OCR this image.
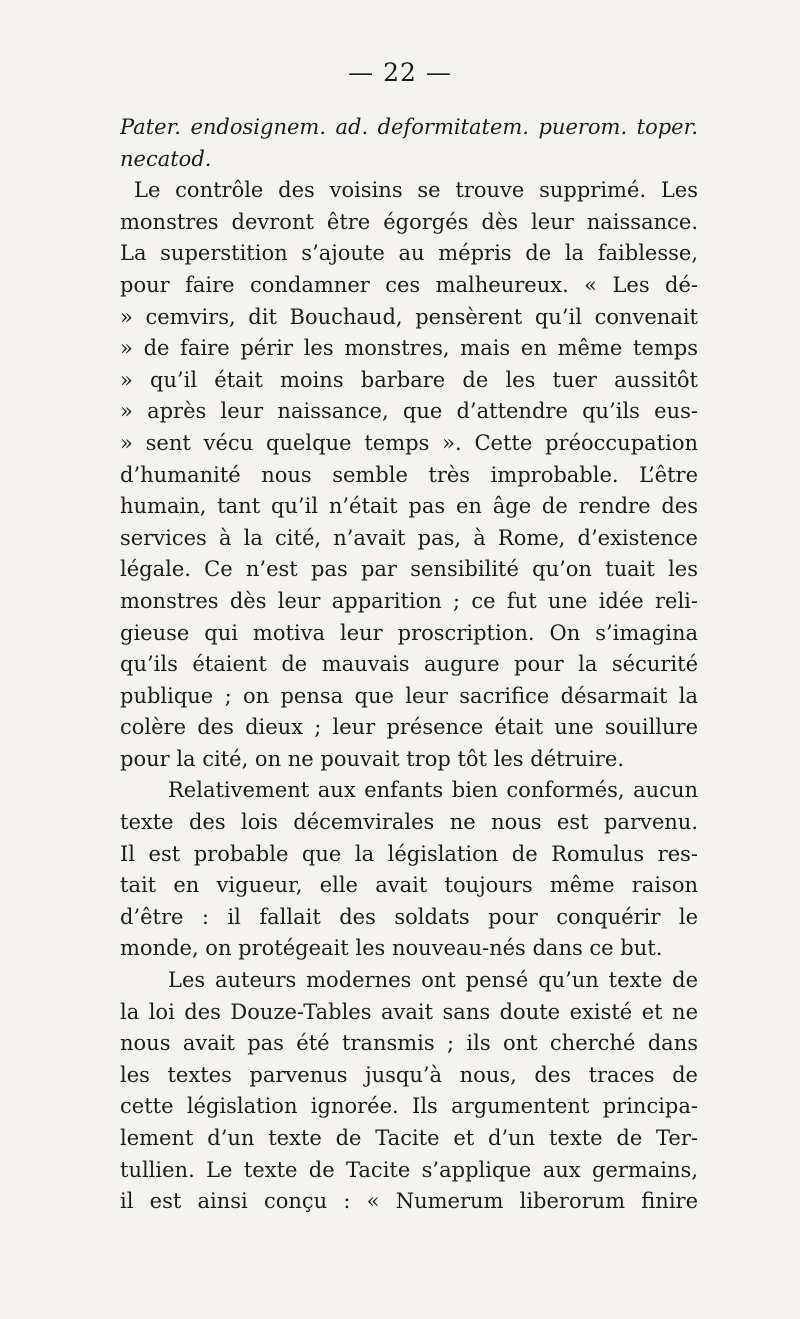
— 22 —
Pater. endosignem. ad. deformitatem. puerom. toper.
necatod.
Le contrôle des voisins se trouve supprimé. Les
monstres devront être égorgés dès leur naissance.
La superstition s’ajoute au mépris de la faiblesse,
pour faire condamner ces malheureux. « Les dé-
» cemvirs, dit Bouchaud, pensèrent qu’il convenait
» de faire périr les monstres, mais en même temps
» qu’il était moins barbare de les tuer aussitôt
» après leur naissance, que d’attendre qu’ils eus-
» sent vécu quelque temps ». Cette préoccupation
d’humanité nous semble très improbable. L’être
humain, tant qu’il n’était pas en âge de rendre des
services à la cité, n’avait pas, à Rome, d’existence
légale. Ce n’est pas par sensibilité qu’on tuait les
monstres dès leur apparition ; ce fut une idée reli-
gieuse qui motiva leur proscription. On s’imagina
qu’ils étaient de mauvais augure pour la sécurité
publique ; on pensa que leur sacrifice désarmait la
colère des dieux ; leur présence était une souillure
pour la cité, on ne pouvait trop tôt les détruire.
Relativement aux enfants bien conformés, aucun
texte des lois décemvirales ne nous est parvenu.
Il est probable que la législation de Romulus res-
tait en vigueur, elle avait toujours même raison
d’être : il fallait des soldats pour conquérir le
monde, on protégeait les nouveau-nés dans ce but.
Les auteurs modernes ont pensé qu’un texte de
la loi des Douze-Tables avait sans doute existé et ne
nous avait pas été transmis ; ils ont cherché dans
les textes parvenus jusqu’à nous, des traces de
cette législation ignorée. Ils argumentent principa-
lement d’un texte de Tacite et d’un texte de Ter-
tullien. Le texte de Tacite s’applique aux germains,
il est ainsi conçu : « Numerum liberorum finire
